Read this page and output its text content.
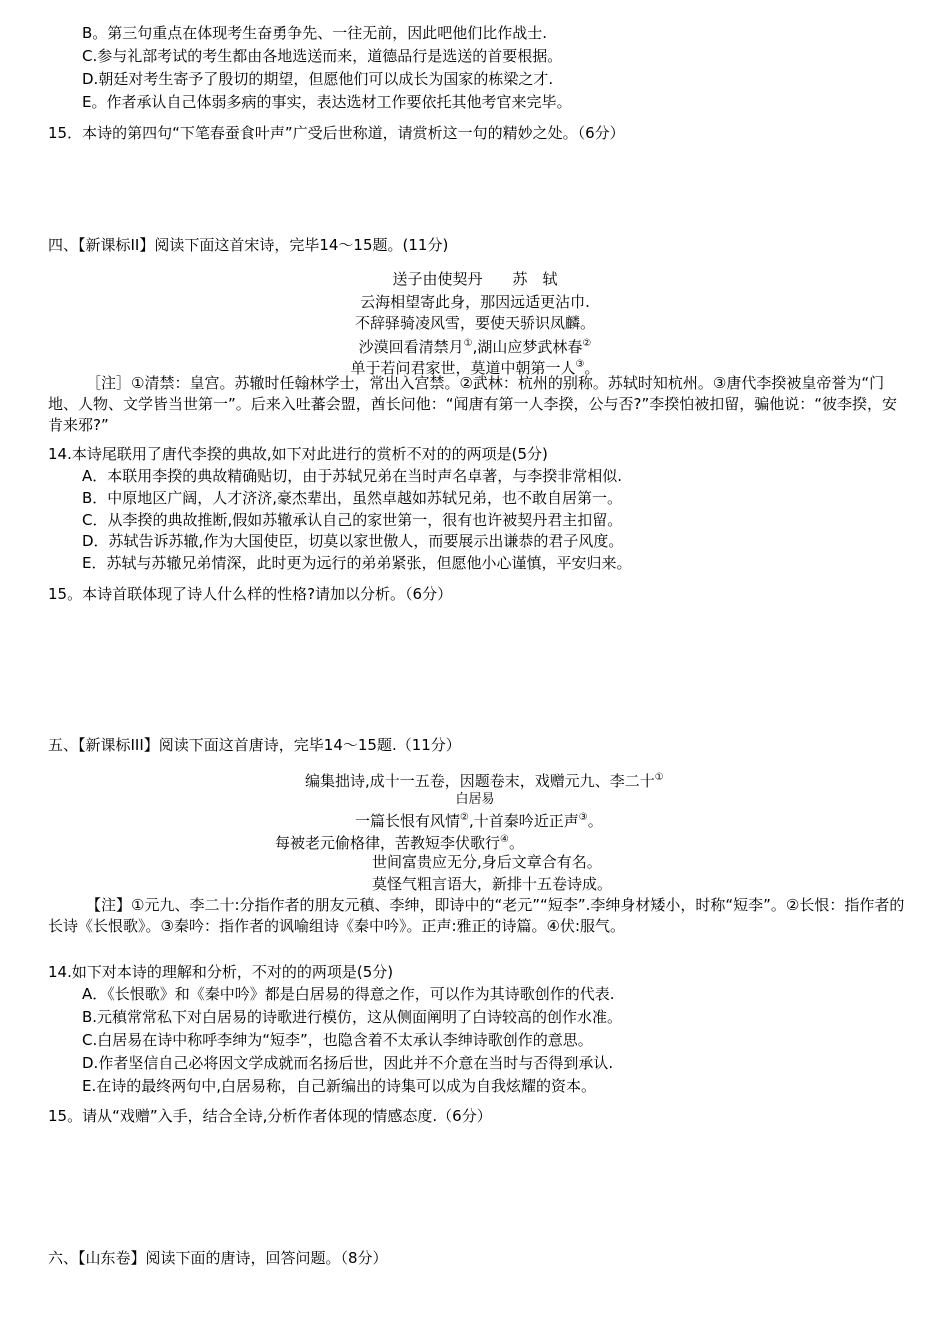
B。第三句重点在体现考生奋勇争先、一往无前，因此吧他们比作战士.
C.参与礼部考试的考生都由各地选送而来，道德品行是选送的首要根据。
D.朝廷对考生寄予了殷切的期望，但愿他们可以成长为国家的栋梁之才.
E。作者承认自己体弱多病的事实，表达选材工作要依托其他考官来完毕。
15．本诗的第四句“下笔春蚕食叶声”广受后世称道，请赏析这一句的精妙之处。（6分）
四、【新课标II】阅读下面这首宋诗，完毕14～15题。(11分)
送子由使契丹　　苏　轼
云海相望寄此身，那因远适更沾巾.
不辞驿骑凌风雪，要使天骄识凤麟。
沙漠回看清禁月①,湖山应梦武林春②
单于若问君家世，莫道中朝第一人③。
［注］①清禁：皇宫。苏辙时任翰林学士，常出入宫禁。②武林：杭州的别称。苏轼时知杭州。③唐代李揆被皇帝誉为“门地、人物、文学皆当世第一”。后来入吐蕃会盟，酋长问他：“闻唐有第一人李揆，公与否?”李揆怕被扣留，骗他说：“彼李揆，安肯来邪?”
14.本诗尾联用了唐代李揆的典故,如下对此进行的赏析不对的的两项是(5分)
A．本联用李揆的典故精确贴切，由于苏轼兄弟在当时声名卓著，与李揆非常相似.
B．中原地区广阔，人才济济,豪杰辈出，虽然卓越如苏轼兄弟，也不敢自居第一。
C．从李揆的典故推断,假如苏辙承认自己的家世第一，很有也许被契丹君主扣留。
D．苏轼告诉苏辙,作为大国使臣，切莫以家世傲人，而要展示出谦恭的君子风度。
E．苏轼与苏辙兄弟情深，此时更为远行的弟弟紧张，但愿他小心谨慎，平安归来。
15。本诗首联体现了诗人什么样的性格?请加以分析。（6分）
五、【新课标III】阅读下面这首唐诗，完毕14～15题.（11分）
编集拙诗,成十一五卷，因题卷末，戏赠元九、李二十①
白居易
一篇长恨有风情②,十首秦吟近正声③。
每被老元偷格律，苦教短李伏歌行④。
世间富贵应无分,身后文章合有名。
莫怪气粗言语大，新排十五卷诗成。
【注】①元九、李二十:分指作者的朋友元稹、李绅，即诗中的“老元”“短李”.李绅身材矮小，时称“短李”。②长恨：指作者的长诗《长恨歌》。③秦吟：指作者的讽喻组诗《秦中吟》。正声:雅正的诗篇。④伏:服气。
14.如下对本诗的理解和分析，不对的的两项是(5分)
A．《长恨歌》和《秦中吟》都是白居易的得意之作，可以作为其诗歌创作的代表.
B.元稹常常私下对白居易的诗歌进行模仿，这从侧面阐明了白诗较高的创作水准。
C.白居易在诗中称呼李绅为“短李”，也隐含着不太承认李绅诗歌创作的意思。
D.作者坚信自己必将因文学成就而名扬后世，因此并不介意在当时与否得到承认.
E.在诗的最终两句中,白居易称，自己新编出的诗集可以成为自我炫耀的资本。
15。请从“戏赠”入手，结合全诗,分析作者体现的情感态度.（6分）
六、【山东卷】阅读下面的唐诗，回答问题。（8分）
